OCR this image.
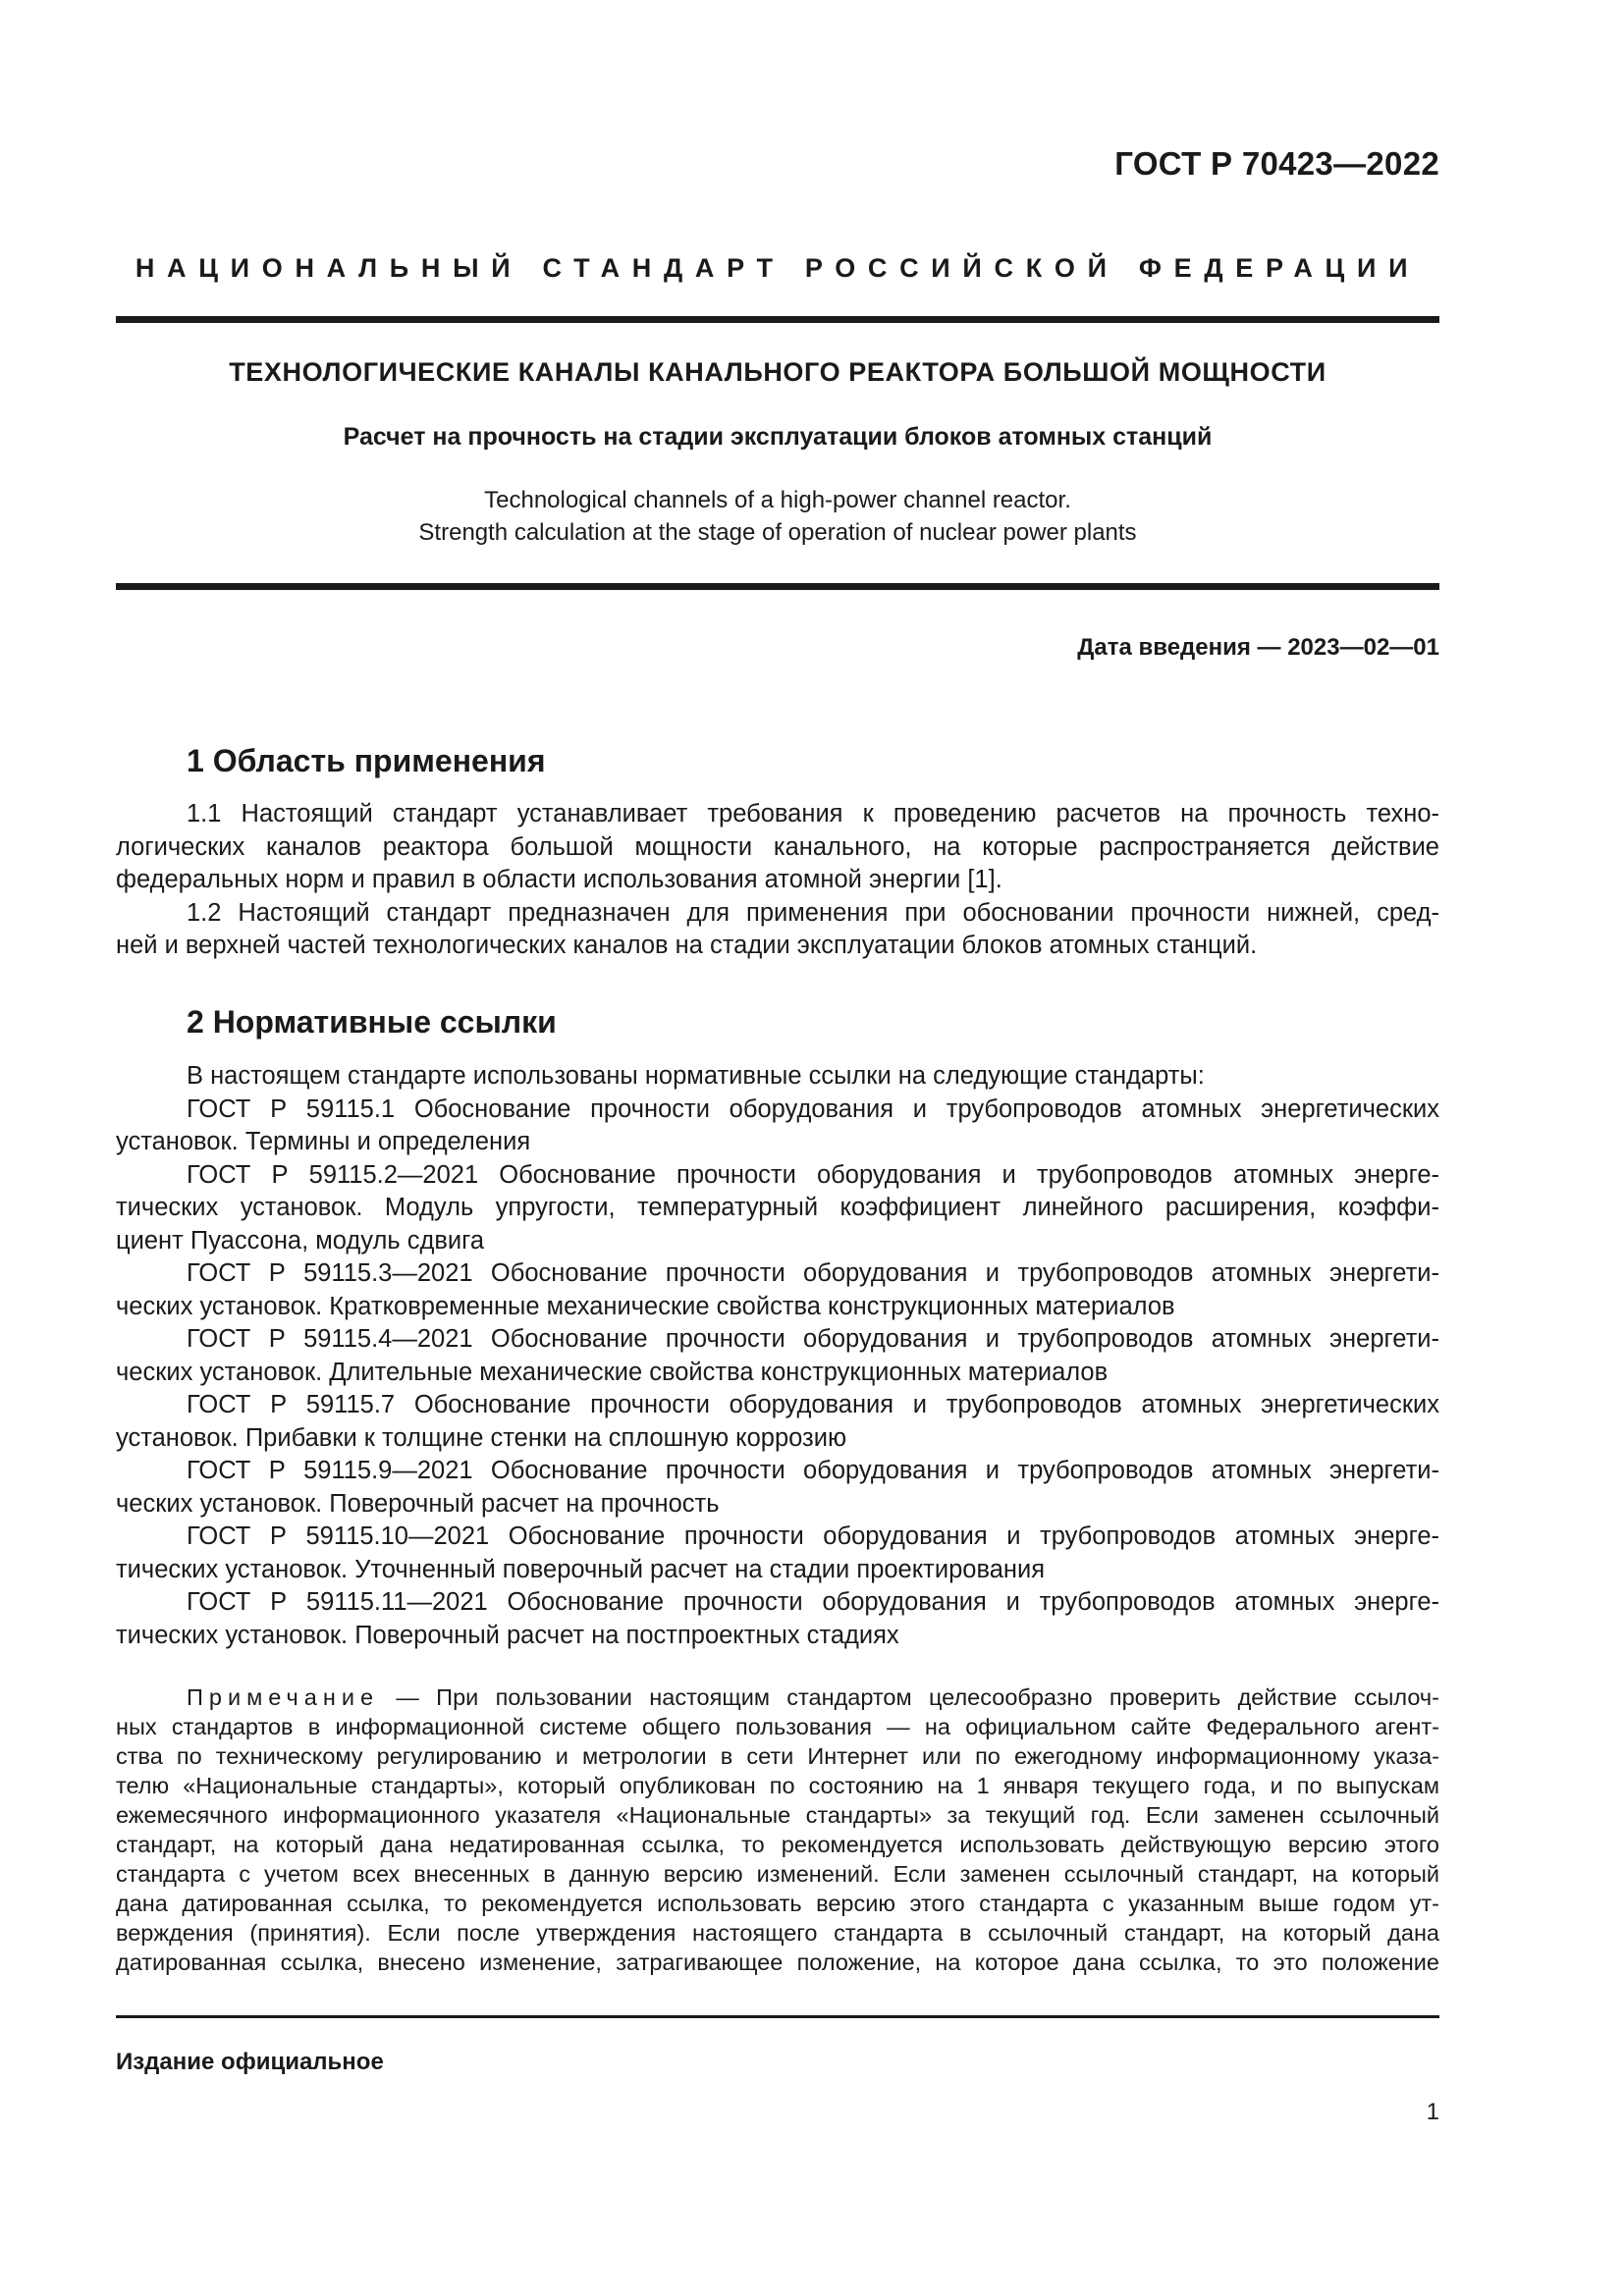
ГОСТ Р 70423—2022
НАЦИОНАЛЬНЫЙ СТАНДАРТ РОССИЙСКОЙ ФЕДЕРАЦИИ
ТЕХНОЛОГИЧЕСКИЕ КАНАЛЫ КАНАЛЬНОГО РЕАКТОРА БОЛЬШОЙ МОЩНОСТИ
Расчет на прочность на стадии эксплуатации блоков атомных станций
Technological channels of a high-power channel reactor.
Strength calculation at the stage of operation of nuclear power plants
Дата введения — 2023—02—01
1 Область применения
1.1 Настоящий стандарт устанавливает требования к проведению расчетов на прочность техно-
логических каналов реактора большой мощности канального, на которые распространяется действие
федеральных норм и правил в области использования атомной энергии [1].
1.2 Настоящий стандарт предназначен для применения при обосновании прочности нижней, сред-
ней и верхней частей технологических каналов на стадии эксплуатации блоков атомных станций.
2 Нормативные ссылки
В настоящем стандарте использованы нормативные ссылки на следующие стандарты:
ГОСТ Р 59115.1 Обоснование прочности оборудования и трубопроводов атомных энергетических
установок. Термины и определения
ГОСТ Р 59115.2—2021 Обоснование прочности оборудования и трубопроводов атомных энерге-
тических установок. Модуль упругости, температурный коэффициент линейного расширения, коэффи-
циент Пуассона, модуль сдвига
ГОСТ Р 59115.3—2021 Обоснование прочности оборудования и трубопроводов атомных энергети-
ческих установок. Кратковременные механические свойства конструкционных материалов
ГОСТ Р 59115.4—2021 Обоснование прочности оборудования и трубопроводов атомных энергети-
ческих установок. Длительные механические свойства конструкционных материалов
ГОСТ Р 59115.7 Обоснование прочности оборудования и трубопроводов атомных энергетических
установок. Прибавки к толщине стенки на сплошную коррозию
ГОСТ Р 59115.9—2021 Обоснование прочности оборудования и трубопроводов атомных энергети-
ческих установок. Поверочный расчет на прочность
ГОСТ Р 59115.10—2021 Обоснование прочности оборудования и трубопроводов атомных энерге-
тических установок. Уточненный поверочный расчет на стадии проектирования
ГОСТ Р 59115.11—2021 Обоснование прочности оборудования и трубопроводов атомных энерге-
тических установок. Поверочный расчет на постпроектных стадиях
Примечание — При пользовании настоящим стандартом целесообразно проверить действие ссылоч-
ных стандартов в информационной системе общего пользования — на официальном сайте Федерального агент-
ства по техническому регулированию и метрологии в сети Интернет или по ежегодному информационному указа-
телю «Национальные стандарты», который опубликован по состоянию на 1 января текущего года, и по выпускам
ежемесячного информационного указателя «Национальные стандарты» за текущий год. Если заменен ссылочный
стандарт, на который дана недатированная ссылка, то рекомендуется использовать действующую версию этого
стандарта с учетом всех внесенных в данную версию изменений. Если заменен ссылочный стандарт, на который
дана датированная ссылка, то рекомендуется использовать версию этого стандарта с указанным выше годом ут-
верждения (принятия). Если после утверждения настоящего стандарта в ссылочный стандарт, на который дана
датированная ссылка, внесено изменение, затрагивающее положение, на которое дана ссылка, то это положение
Издание официальное
1
